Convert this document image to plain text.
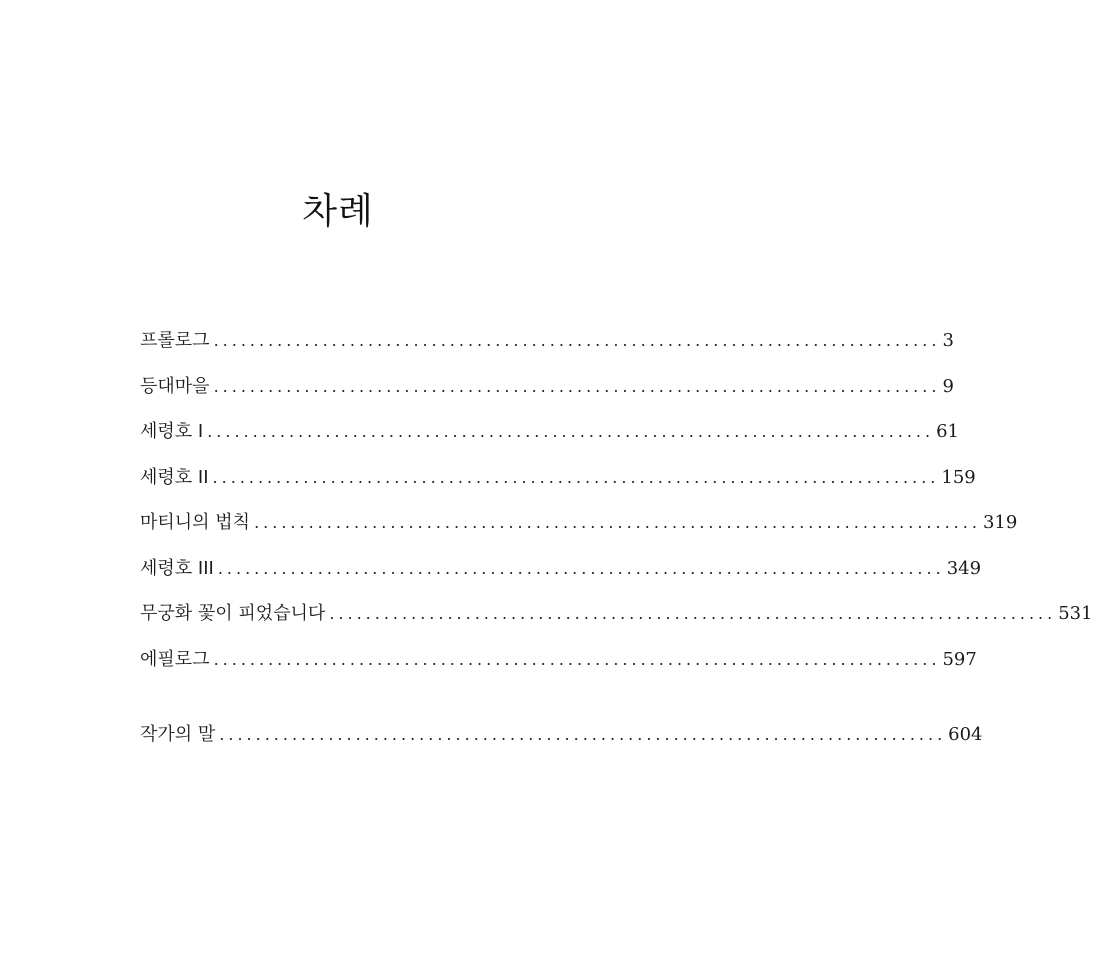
차례
프롤로그 ................................................................................ 3
등대마을 ................................................................................ 9
세령호 I ................................................................................ 61
세령호 II ................................................................................ 159
마티니의 법칙 ................................................................................ 319
세령호 III ................................................................................ 349
무궁화 꽃이 피었습니다 ................................................................................ 531
에필로그 ................................................................................ 597
작가의 말 ................................................................................ 604
